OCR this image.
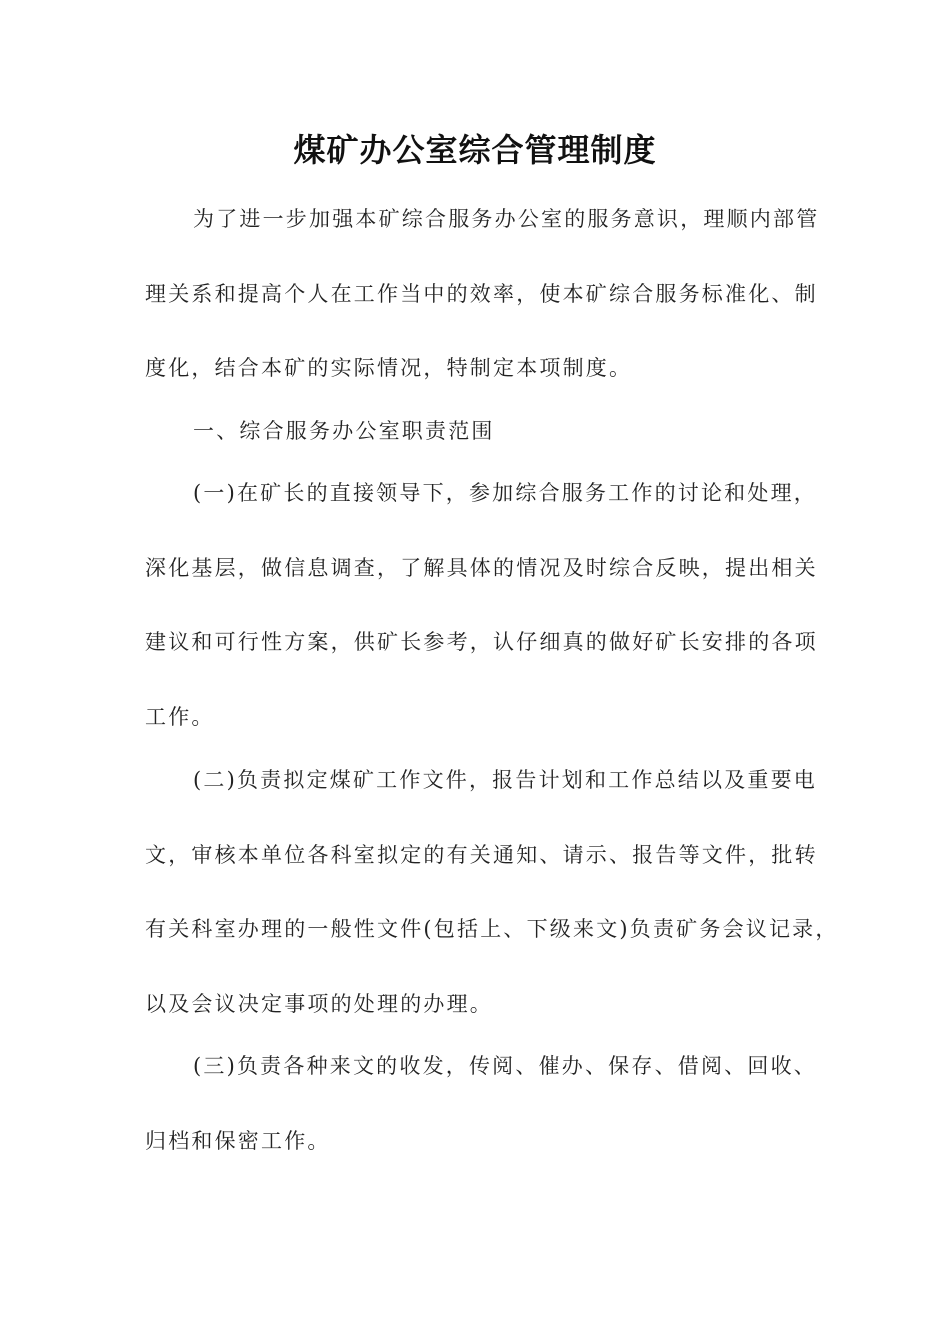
煤矿办公室综合管理制度

为了进一步加强本矿综合服务办公室的服务意识，理顺内部管

理关系和提高个人在工作当中的效率，使本矿综合服务标准化、制

度化，结合本矿的实际情况，特制定本项制度。

一、综合服务办公室职责范围

(一)在矿长的直接领导下，参加综合服务工作的讨论和处理，

深化基层，做信息调查，了解具体的情况及时综合反映，提出相关

建议和可行性方案，供矿长参考，认仔细真的做好矿长安排的各项

工作。

(二)负责拟定煤矿工作文件，报告计划和工作总结以及重要电

文，审核本单位各科室拟定的有关通知、请示、报告等文件，批转

有关科室办理的一般性文件(包括上、下级来文)负责矿务会议记录，

以及会议决定事项的处理的办理。

(三)负责各种来文的收发，传阅、催办、保存、借阅、回收、

归档和保密工作。
